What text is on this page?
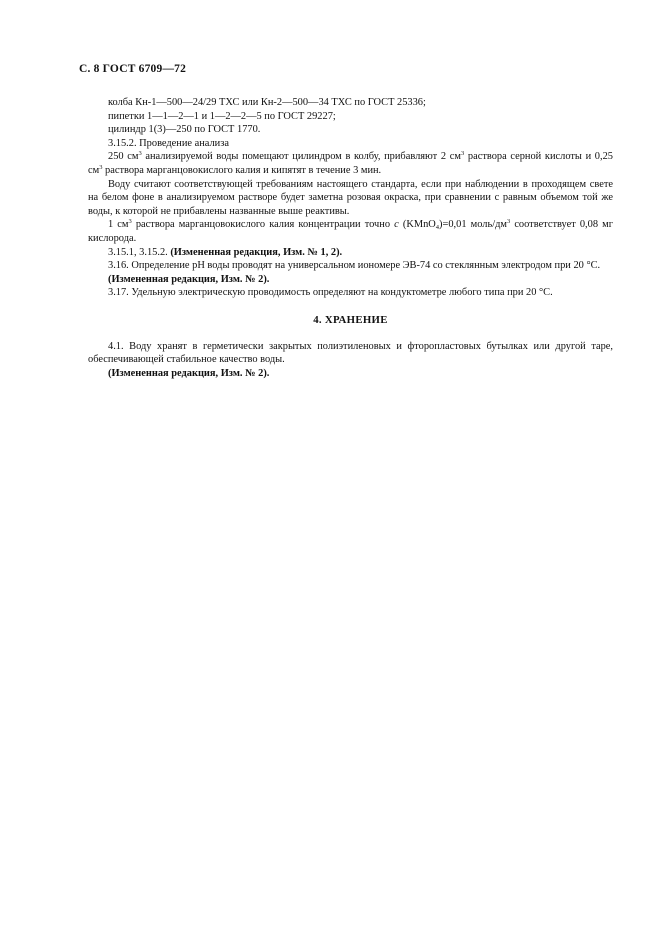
С. 8 ГОСТ 6709—72

колба Кн-1—500—24/29 ТХС или Кн-2—500—34 ТХС по ГОСТ 25336;

пипетки 1—1—2—1 и 1—2—2—5 по ГОСТ 29227;

цилиндр 1(3)—250 по ГОСТ 1770.

3.15.2. Проведение анализа

250 $см^3$ анализируемой воды помещают цилиндром в колбу, прибавляют 2 $см^3$ раствора серной кислоты и 0,25 $см^3$ раствора марганцовокислого калия и кипятят в течение 3 мин.

Воду считают соответствующей требованиям настоящего стандарта, если при наблюдении в проходящем свете на белом фоне в анализируемом растворе будет заметна розовая окраска, при сравнении с равным объемом той же воды, к которой не прибавлены названные выше реактивы.

1 $см^3$ раствора марганцовокислого калия концентрации точно c (KMnO$_4$)=0,01 моль/$дм^3$ соответствует 0,08 мг кислорода.

3.15.1, 3.15.2. (Измененная редакция, Изм. № 1, 2).

3.16. Определение pH воды проводят на универсальном иономере ЭВ-74 со стеклянным электродом при 20 °С.

(Измененная редакция, Изм. № 2).

3.17. Удельную электрическую проводимость определяют на кондуктометре любого типа при 20 °С.

4. ХРАНЕНИЕ

4.1. Воду хранят в герметически закрытых полиэтиленовых и фторопластовых бутылках или другой таре, обеспечивающей стабильное качество воды.

(Измененная редакция, Изм. № 2).
